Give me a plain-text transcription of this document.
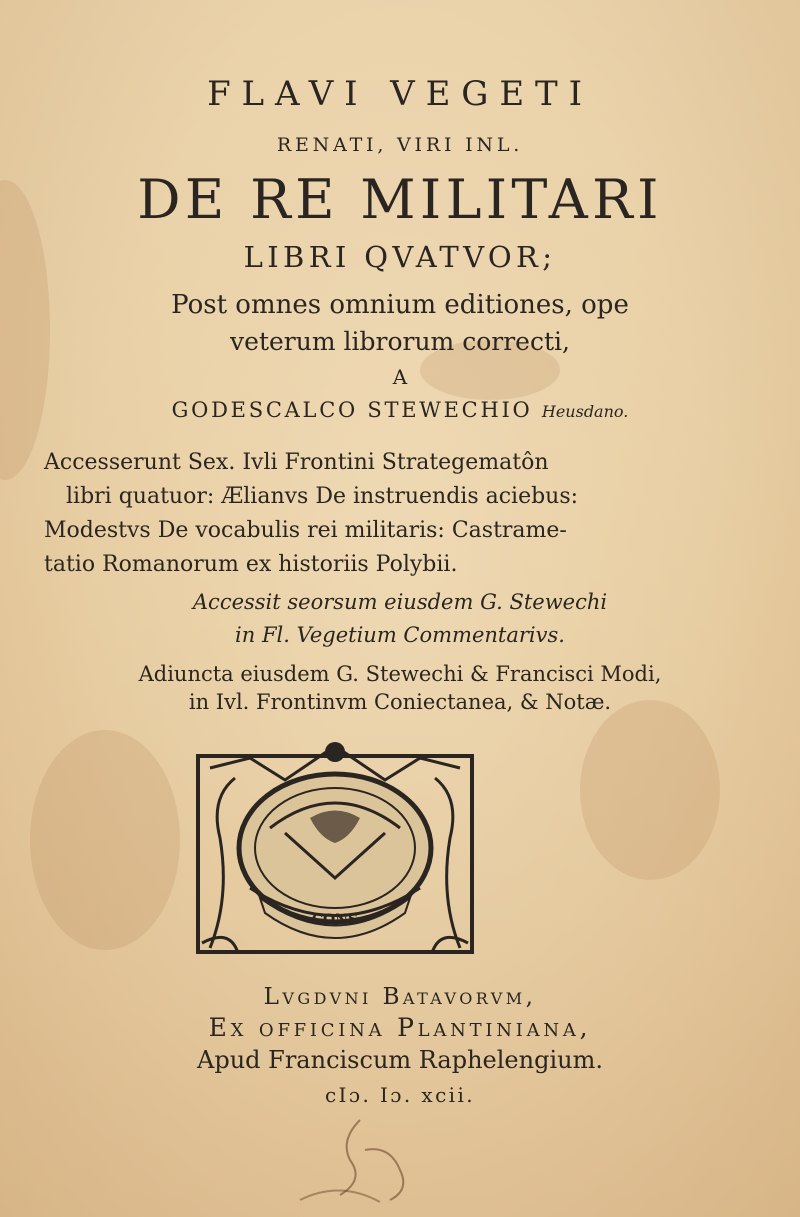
FLAVI VEGETI
RENATI, VIRI INL.
DE RE MILITARI
LIBRI QVATVOR;
Post omnes omnium editiones, ope
veterum librorum correcti,
A
GODESCALCO STEWECHIO Heusdano.
Accesserunt Sex. Ivli Frontini Strategematôn
libri quatuor: Ælianvs De instruendis aciebus:
Modestvs De vocabulis rei militaris: Castrame-
tatio Romanorum ex historiis Polybii.
Accessit seorsum eiusdem G. Stewechi
in Fl. Vegetium Commentarivs.
Adiuncta eiusdem G. Stewechi & Francisci Modi,
in Ivl. Frontinvm Coniectanea, & Notæ.
CONS
Lvgdvni Batavorvm,
Ex officina Plantiniana,
Apud Franciscum Raphelengium.
cIɔ. Iɔ. xcii.
